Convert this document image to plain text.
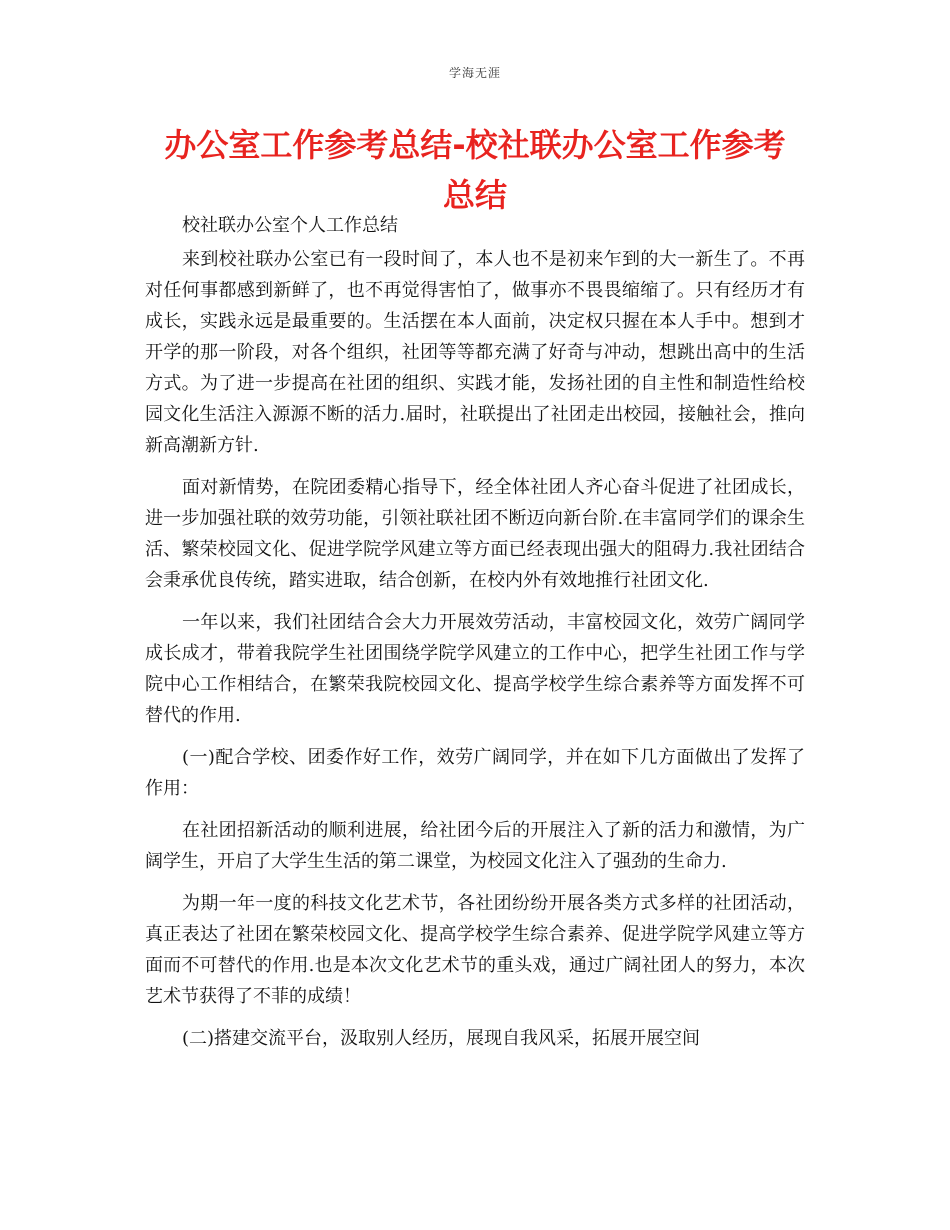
学海无涯
办公室工作参考总结-校社联办公室工作参考总结

校社联办公室个人工作总结

来到校社联办公室已有一段时间了，本人也不是初来乍到的大一新生了。不再对任何事都感到新鲜了，也不再觉得害怕了，做事亦不畏畏缩缩了。只有经历才有成长，实践永远是最重要的。生活摆在本人面前，决定权只握在本人手中。想到才开学的那一阶段，对各个组织，社团等等都充满了好奇与冲动，想跳出高中的生活方式。为了进一步提高在社团的组织、实践才能，发扬社团的自主性和制造性给校园文化生活注入源源不断的活力.届时，社联提出了社团走出校园，接触社会，推向新高潮新方针.

面对新情势，在院团委精心指导下，经全体社团人齐心奋斗促进了社团成长，进一步加强社联的效劳功能，引领社联社团不断迈向新台阶.在丰富同学们的课余生活、繁荣校园文化、促进学院学风建立等方面已经表现出强大的阻碍力.我社团结合会秉承优良传统，踏实进取，结合创新，在校内外有效地推行社团文化.

一年以来，我们社团结合会大力开展效劳活动，丰富校园文化，效劳广阔同学成长成才，带着我院学生社团围绕学院学风建立的工作中心，把学生社团工作与学院中心工作相结合，在繁荣我院校园文化、提高学校学生综合素养等方面发挥不可替代的作用.

(一)配合学校、团委作好工作，效劳广阔同学，并在如下几方面做出了发挥了作用：

在社团招新活动的顺利进展，给社团今后的开展注入了新的活力和激情，为广阔学生，开启了大学生生活的第二课堂，为校园文化注入了强劲的生命力.

为期一年一度的科技文化艺术节，各社团纷纷开展各类方式多样的社团活动，真正表达了社团在繁荣校园文化、提高学校学生综合素养、促进学院学风建立等方面而不可替代的作用.也是本次文化艺术节的重头戏，通过广阔社团人的努力，本次艺术节获得了不菲的成绩！

(二)搭建交流平台，汲取别人经历，展现自我风采，拓展开展空间
